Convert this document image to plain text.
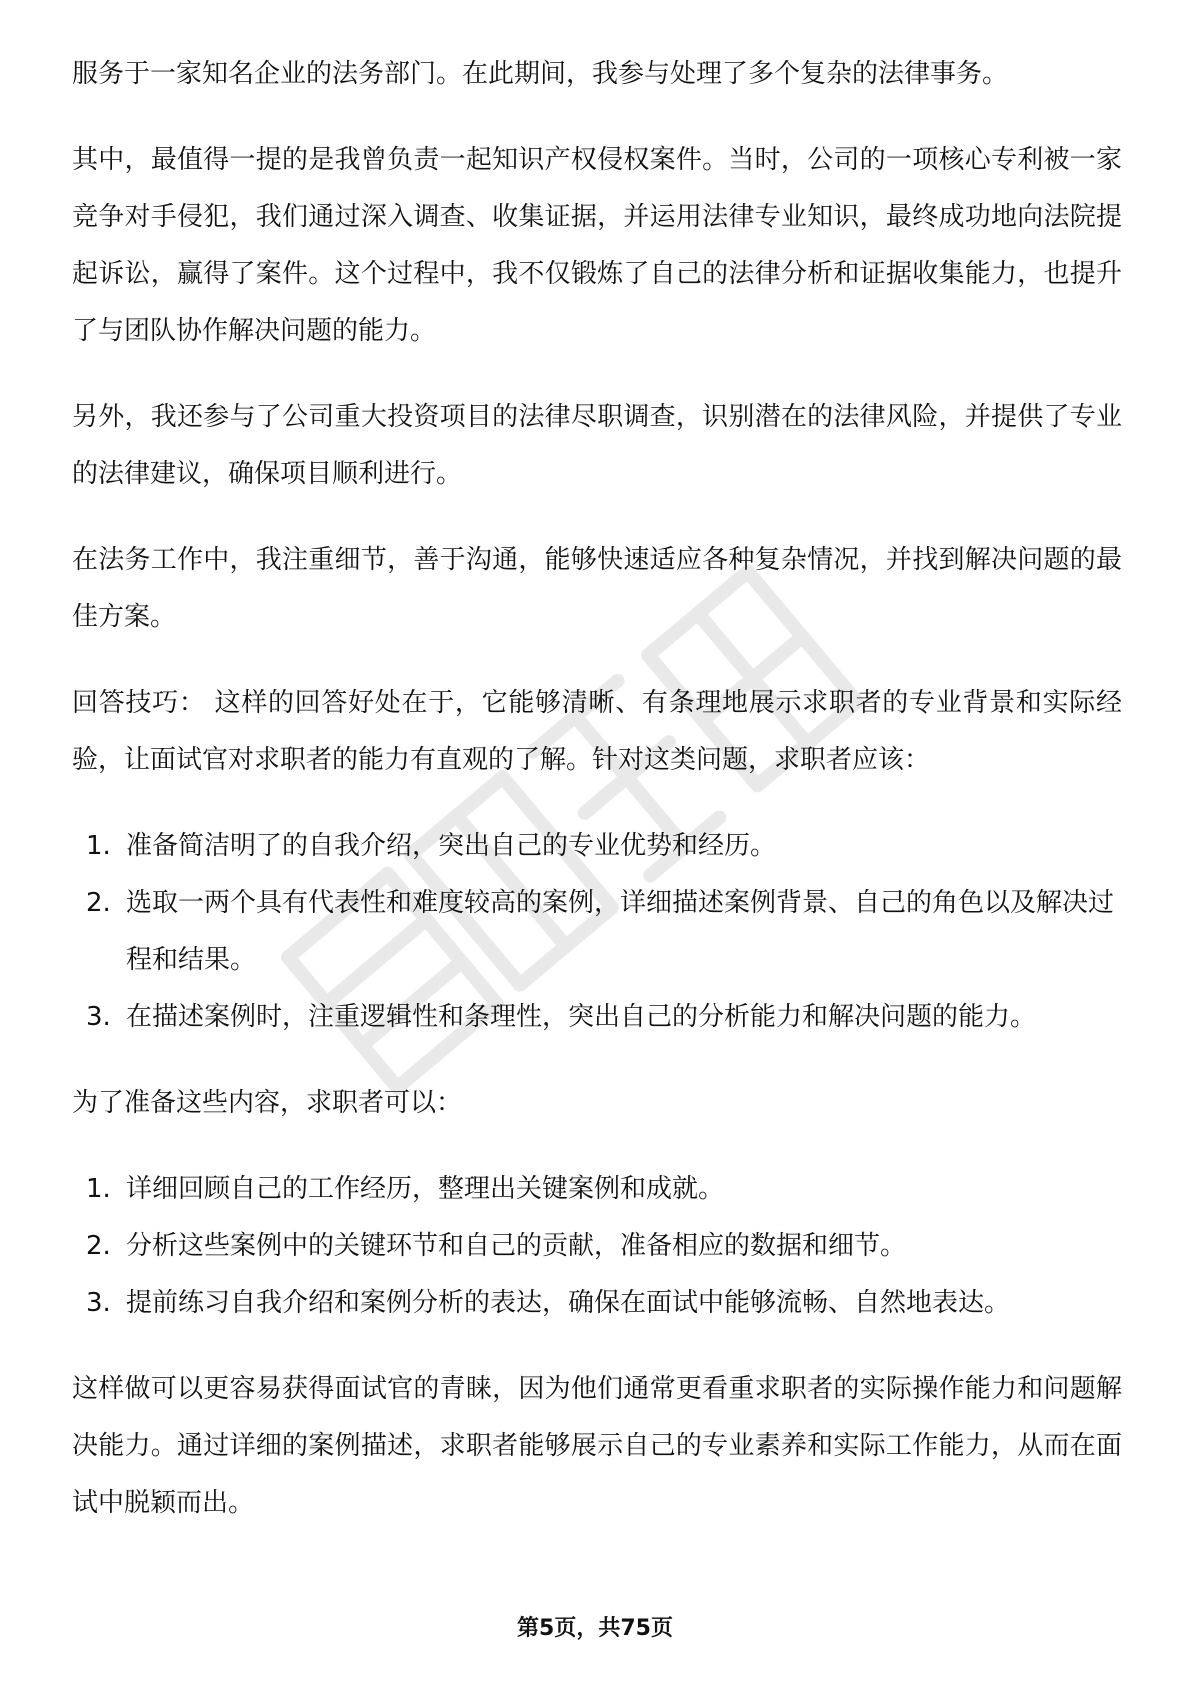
服务于一家知名企业的法务部门。在此期间，我参与处理了多个复杂的法律事务。

其中，最值得一提的是我曾负责一起知识产权侵权案件。当时，公司的一项核心专利被一家竞争对手侵犯，我们通过深入调查、收集证据，并运用法律专业知识，最终成功地向法院提起诉讼，赢得了案件。这个过程中，我不仅锻炼了自己的法律分析和证据收集能力，也提升了与团队协作解决问题的能力。

另外，我还参与了公司重大投资项目的法律尽职调查，识别潜在的法律风险，并提供了专业的法律建议，确保项目顺利进行。

在法务工作中，我注重细节，善于沟通，能够快速适应各种复杂情况，并找到解决问题的最佳方案。

回答技巧： 这样的回答好处在于，它能够清晰、有条理地展示求职者的专业背景和实际经验，让面试官对求职者的能力有直观的了解。针对这类问题，求职者应该：

1. 准备简洁明了的自我介绍，突出自己的专业优势和经历。
2. 选取一两个具有代表性和难度较高的案例，详细描述案例背景、自己的角色以及解决过程和结果。
3. 在描述案例时，注重逻辑性和条理性，突出自己的分析能力和解决问题的能力。

为了准备这些内容，求职者可以：

1. 详细回顾自己的工作经历，整理出关键案例和成就。
2. 分析这些案例中的关键环节和自己的贡献，准备相应的数据和细节。
3. 提前练习自我介绍和案例分析的表达，确保在面试中能够流畅、自然地表达。

这样做可以更容易获得面试官的青睐，因为他们通常更看重求职者的实际操作能力和问题解决能力。通过详细的案例描述，求职者能够展示自己的专业素养和实际工作能力，从而在面试中脱颖而出。

第5页，共75页
